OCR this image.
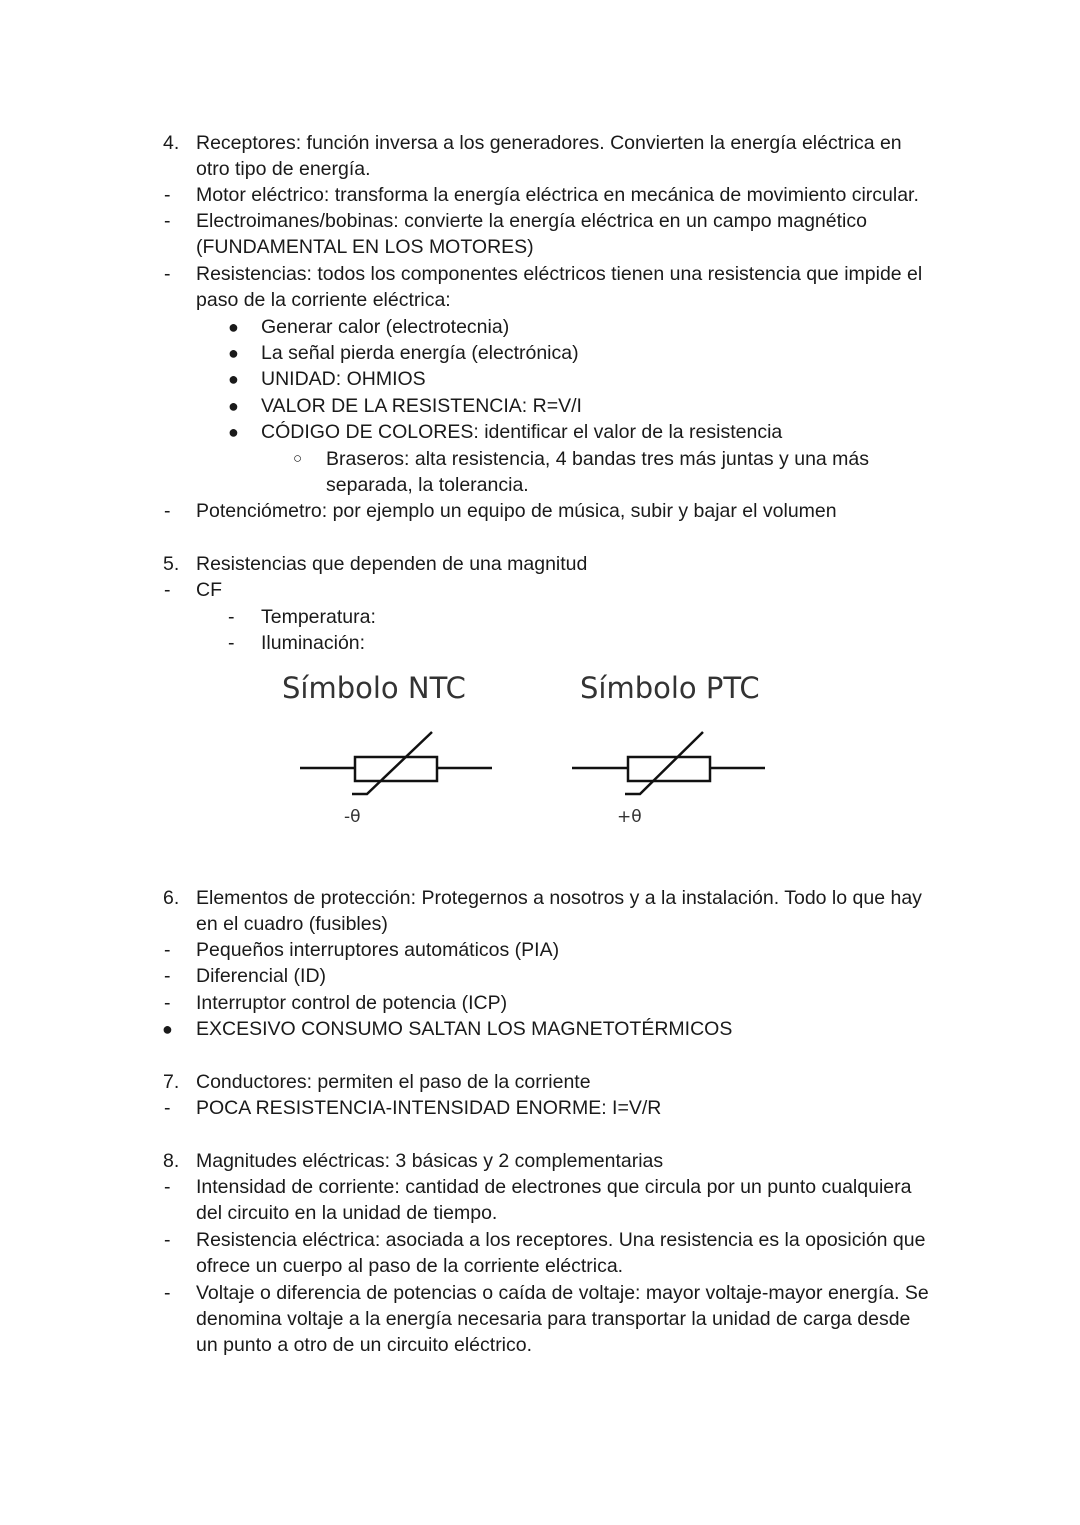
4. Receptores: función inversa a los generadores. Convierten la energía eléctrica en
otro tipo de energía.
- Motor eléctrico: transforma la energía eléctrica en mecánica de movimiento circular.
- Electroimanes/bobinas: convierte la energía eléctrica en un campo magnético
(FUNDAMENTAL EN LOS MOTORES)
- Resistencias: todos los componentes eléctricos tienen una resistencia que impide el
paso de la corriente eléctrica:
● Generar calor (electrotecnia)
● La señal pierda energía (electrónica)
● UNIDAD: OHMIOS
● VALOR DE LA RESISTENCIA: R=V/I
● CÓDIGO DE COLORES: identificar el valor de la resistencia
○ Braseros: alta resistencia, 4 bandas tres más juntas y una más
separada, la tolerancia.
- Potenciómetro: por ejemplo un equipo de música, subir y bajar el volumen
5. Resistencias que dependen de una magnitud
- CF
- Temperatura:
- Iluminación:
Símbolo NTC
-θ
Símbolo PTC
+θ
6. Elementos de protección: Protegernos a nosotros y a la instalación. Todo lo que hay
en el cuadro (fusibles)
- Pequeños interruptores automáticos (PIA)
- Diferencial (ID)
- Interruptor control de potencia (ICP)
● EXCESIVO CONSUMO SALTAN LOS MAGNETOTÉRMICOS
7. Conductores: permiten el paso de la corriente
- POCA RESISTENCIA-INTENSIDAD ENORME: I=V/R
8. Magnitudes eléctricas: 3 básicas y 2 complementarias
- Intensidad de corriente: cantidad de electrones que circula por un punto cualquiera
del circuito en la unidad de tiempo.
- Resistencia eléctrica: asociada a los receptores. Una resistencia es la oposición que
ofrece un cuerpo al paso de la corriente eléctrica.
- Voltaje o diferencia de potencias o caída de voltaje: mayor voltaje-mayor energía. Se
denomina voltaje a la energía necesaria para transportar la unidad de carga desde
un punto a otro de un circuito eléctrico.
